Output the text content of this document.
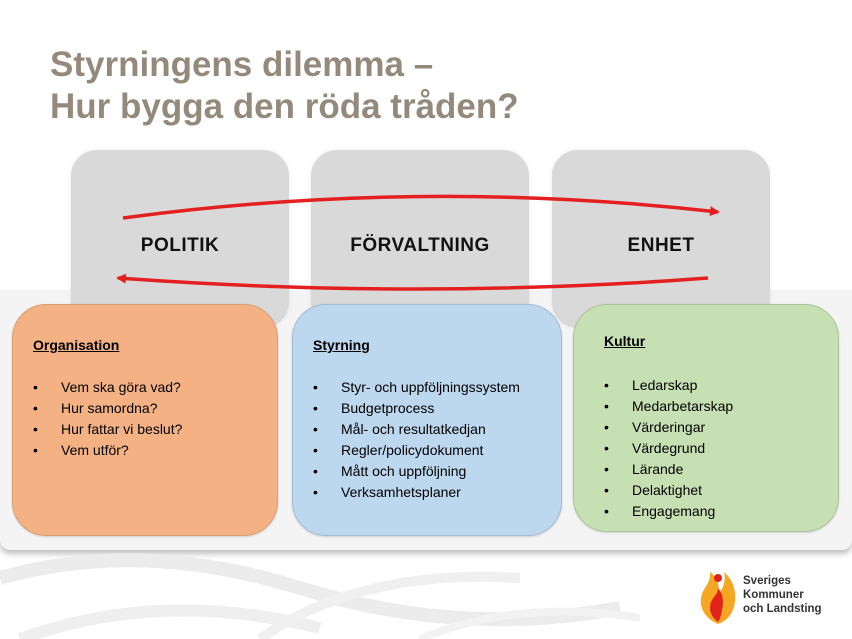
Styrningens dilemma –
Hur bygga den röda tråden?
POLITIK	FÖRVALTNING	ENHET
Organisation
• Vem ska göra vad?
• Hur samordna?
• Hur fattar vi beslut?
• Vem utför?
Styrning
• Styr- och uppföljningssystem
• Budgetprocess
• Mål- och resultatkedjan
• Regler/policydokument
• Mått och uppföljning
• Verksamhetsplaner
Kultur
• Ledarskap
• Medarbetarskap
• Värderingar
• Värdegrund
• Lärande
• Delaktighet
• Engagemang
Sveriges
Kommuner
och Landsting
